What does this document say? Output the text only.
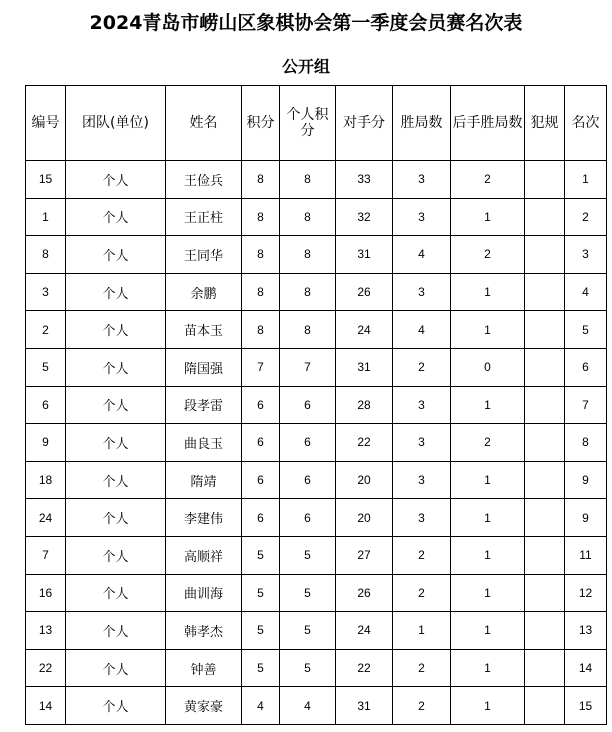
2024青岛市崂山区象棋协会第一季度会员赛名次表
公开组
编号	团队(单位)	姓名	积分	个人积分	对手分	胜局数	后手胜局数	犯规	名次
15	个人	王俭兵	8	8	33	3	2		1
1	个人	王正柱	8	8	32	3	1		2
8	个人	王同华	8	8	31	4	2		3
3	个人	余鹏	8	8	26	3	1		4
2	个人	苗本玉	8	8	24	4	1		5
5	个人	隋国强	7	7	31	2	0		6
6	个人	段孝雷	6	6	28	3	1		7
9	个人	曲良玉	6	6	22	3	2		8
18	个人	隋靖	6	6	20	3	1		9
24	个人	李建伟	6	6	20	3	1		9
7	个人	高顺祥	5	5	27	2	1		11
16	个人	曲训海	5	5	26	2	1		12
13	个人	韩孝杰	5	5	24	1	1		13
22	个人	钟善	5	5	22	2	1		14
14	个人	黄家豪	4	4	31	2	1		15
